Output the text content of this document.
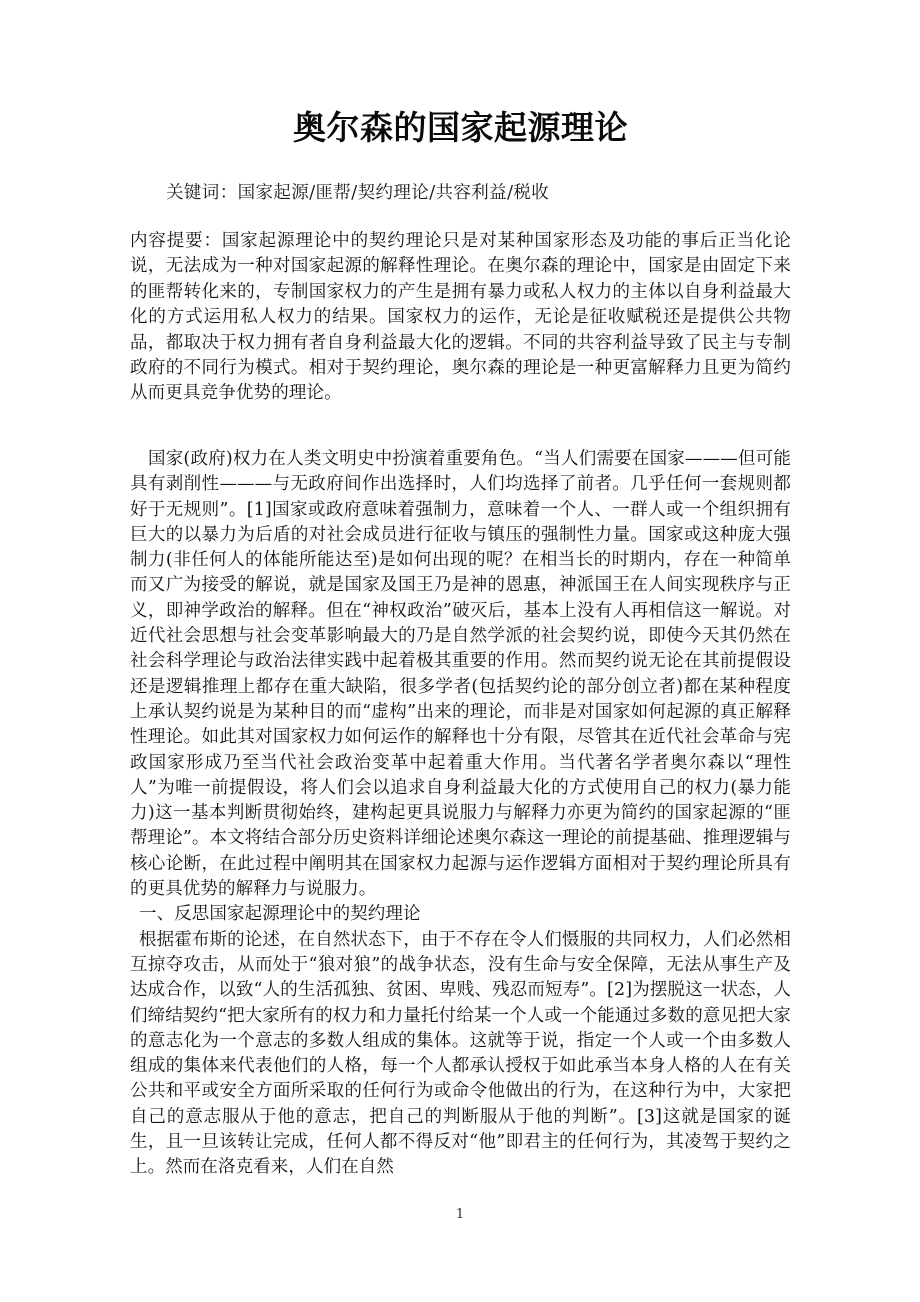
奥尔森的国家起源理论
关键词：国家起源/匪帮/契约理论/共容利益/税收
内容提要：国家起源理论中的契约理论只是对某种国家形态及功能的事后正当化论说，无法成为一种对国家起源的解释性理论。在奥尔森的理论中，国家是由固定下来的匪帮转化来的，专制国家权力的产生是拥有暴力或私人权力的主体以自身利益最大化的方式运用私人权力的结果。国家权力的运作，无论是征收赋税还是提供公共物品，都取决于权力拥有者自身利益最大化的逻辑。不同的共容利益导致了民主与专制政府的不同行为模式。相对于契约理论，奥尔森的理论是一种更富解释力且更为简约从而更具竞争优势的理论。

国家(政府)权力在人类文明史中扮演着重要角色。“当人们需要在国家———但可能具有剥削性———与无政府间作出选择时，人们均选择了前者。几乎任何一套规则都好于无规则”。[1]国家或政府意味着强制力，意味着一个人、一群人或一个组织拥有巨大的以暴力为后盾的对社会成员进行征收与镇压的强制性力量。国家或这种庞大强制力(非任何人的体能所能达至)是如何出现的呢？在相当长的时期内，存在一种简单而又广为接受的解说，就是国家及国王乃是神的恩惠，神派国王在人间实现秩序与正义，即神学政治的解释。但在“神权政治”破灭后，基本上没有人再相信这一解说。对近代社会思想与社会变革影响最大的乃是自然学派的社会契约说，即使今天其仍然在社会科学理论与政治法律实践中起着极其重要的作用。然而契约说无论在其前提假设还是逻辑推理上都存在重大缺陷，很多学者(包括契约论的部分创立者)都在某种程度上承认契约说是为某种目的而“虚构”出来的理论，而非是对国家如何起源的真正解释性理论。如此其对国家权力如何运作的解释也十分有限，尽管其在近代社会革命与宪政国家形成乃至当代社会政治变革中起着重大作用。当代著名学者奥尔森以“理性人”为唯一前提假设，将人们会以追求自身利益最大化的方式使用自己的权力(暴力能力)这一基本判断贯彻始终，建构起更具说服力与解释力亦更为简约的国家起源的“匪帮理论”。本文将结合部分历史资料详细论述奥尔森这一理论的前提基础、推理逻辑与核心论断，在此过程中阐明其在国家权力起源与运作逻辑方面相对于契约理论所具有的更具优势的解释力与说服力。

一、反思国家起源理论中的契约理论

根据霍布斯的论述，在自然状态下，由于不存在令人们慑服的共同权力，人们必然相互掠夺攻击，从而处于“狼对狼”的战争状态，没有生命与安全保障，无法从事生产及达成合作，以致“人的生活孤独、贫困、卑贱、残忍而短寿”。[2]为摆脱这一状态，人们缔结契约“把大家所有的权力和力量托付给某一个人或一个能通过多数的意见把大家的意志化为一个意志的多数人组成的集体。这就等于说，指定一个人或一个由多数人组成的集体来代表他们的人格，每一个人都承认授权于如此承当本身人格的人在有关公共和平或安全方面所采取的任何行为或命令他做出的行为，在这种行为中，大家把自己的意志服从于他的意志，把自己的判断服从于他的判断”。[3]这就是国家的诞生，且一旦该转让完成，任何人都不得反对“他”即君主的任何行为，其凌驾于契约之上。然而在洛克看来，人们在自然

1
